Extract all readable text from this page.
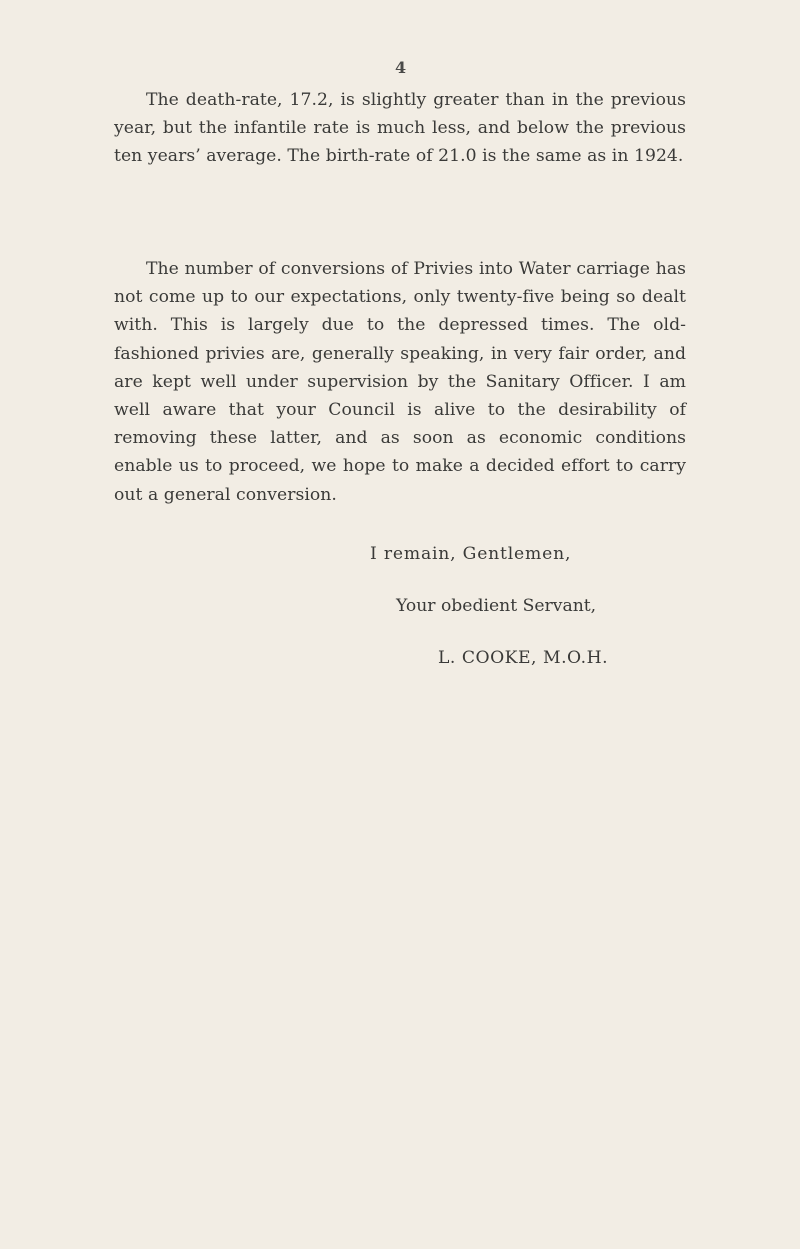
4

The death-rate, 17.2, is slightly greater than in the previous year, but the infantile rate is much less, and below the previous ten years’ average. The birth-rate of 21.0 is the same as in 1924.

The number of conversions of Privies into Water carriage has not come up to our expectations, only twenty-five being so dealt with. This is largely due to the depressed times. The old-fashioned privies are, generally speaking, in very fair order, and are kept well under supervision by the Sanitary Officer. I am well aware that your Council is alive to the desirability of removing these latter, and as soon as economic conditions enable us to proceed, we hope to make a decided effort to carry out a general conversion.

I remain, Gentlemen,

Your obedient Servant,

L. COOKE, M.O.H.
